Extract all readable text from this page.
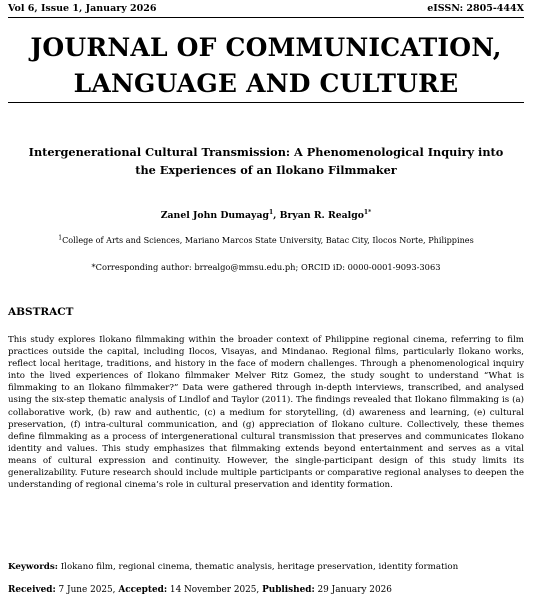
Vol 6, Issue 1, January 2026	eISSN: 2805-444X
JOURNAL OF COMMUNICATION,
LANGUAGE AND CULTURE
Intergenerational Cultural Transmission: A Phenomenological Inquiry into
the Experiences of an Ilokano Filmmaker
Zanel John Dumayag$^1$, Bryan R. Realgo$^{1*}$
$^1$College of Arts and Sciences, Mariano Marcos State University, Batac City, Ilocos Norte, Philippines
*Corresponding author: brrealgo@mmsu.edu.ph; ORCID iD: 0000-0001-9093-3063
ABSTRACT
This study explores Ilokano filmmaking within the broader context of Philippine regional cinema, referring to film practices outside the capital, including Ilocos, Visayas, and Mindanao. Regional films, particularly Ilokano works, reflect local heritage, traditions, and history in the face of modern challenges. Through a phenomenological inquiry into the lived experiences of Ilokano filmmaker Melver Ritz Gomez, the study sought to understand “What is filmmaking to an Ilokano filmmaker?” Data were gathered through in-depth interviews, transcribed, and analysed using the six-step thematic analysis of Lindlof and Taylor (2011). The findings revealed that Ilokano filmmaking is (a) collaborative work, (b) raw and authentic, (c) a medium for storytelling, (d) awareness and learning, (e) cultural preservation, (f) intra-cultural communication, and (g) appreciation of Ilokano culture. Collectively, these themes define filmmaking as a process of intergenerational cultural transmission that preserves and communicates Ilokano identity and values. This study emphasizes that filmmaking extends beyond entertainment and serves as a vital means of cultural expression and continuity. However, the single-participant design of this study limits its generalizability. Future research should include multiple participants or comparative regional analyses to deepen the understanding of regional cinema’s role in cultural preservation and identity formation.
Keywords: Ilokano film, regional cinema, thematic analysis, heritage preservation, identity formation
Received: 7 June 2025, Accepted: 14 November 2025, Published: 29 January 2026
